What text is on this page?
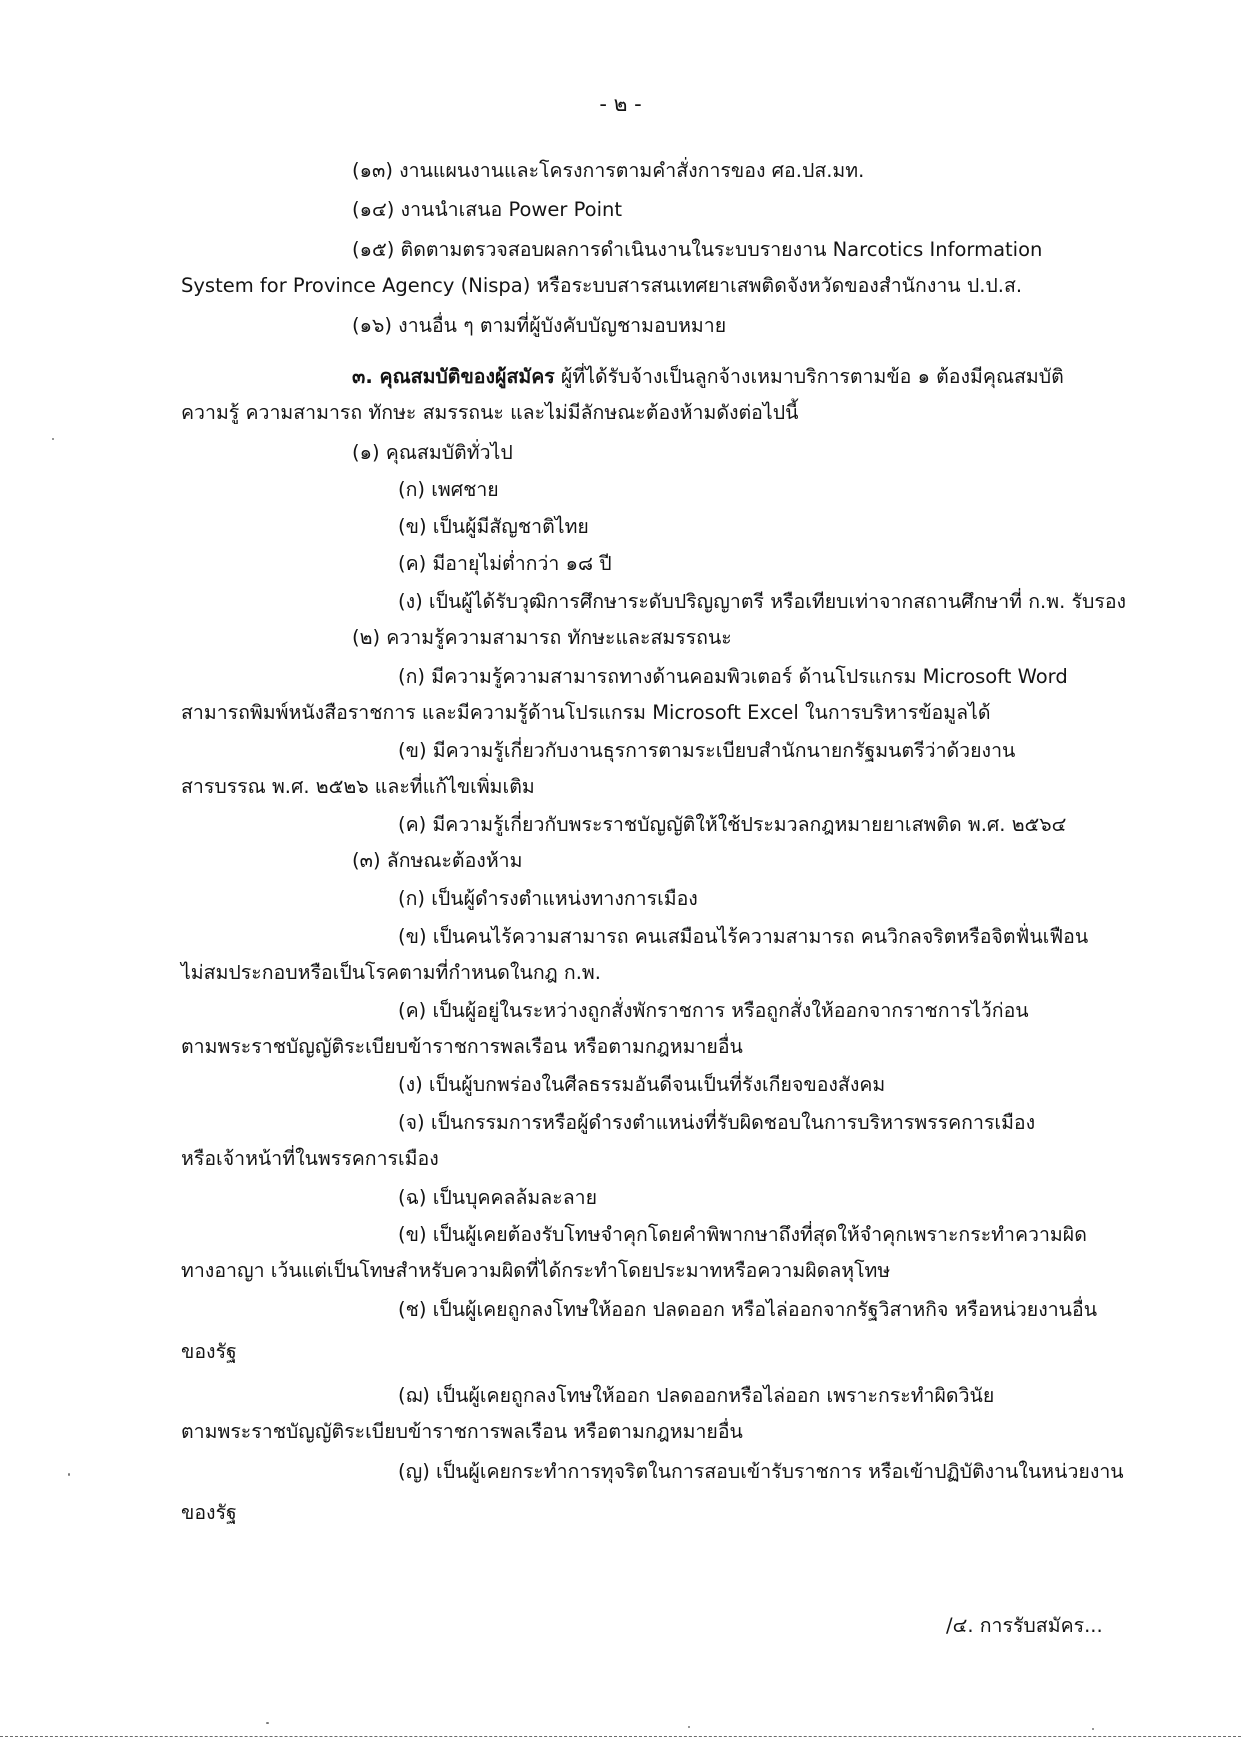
- ๒ -
(๑๓) งานแผนงานและโครงการตามคำสั่งการของ ศอ.ปส.มท.
(๑๔) งานนำเสนอ Power Point
(๑๕) ติดตามตรวจสอบผลการดำเนินงานในระบบรายงาน Narcotics Information
System for Province Agency (Nispa) หรือระบบสารสนเทศยาเสพติดจังหวัดของสำนักงาน ป.ป.ส.
(๑๖) งานอื่น ๆ ตามที่ผู้บังคับบัญชามอบหมาย
๓. คุณสมบัติของผู้สมัคร ผู้ที่ได้รับจ้างเป็นลูกจ้างเหมาบริการตามข้อ ๑ ต้องมีคุณสมบัติ
ความรู้ ความสามารถ ทักษะ สมรรถนะ และไม่มีลักษณะต้องห้ามดังต่อไปนี้
(๑) คุณสมบัติทั่วไป
(ก) เพศชาย
(ข) เป็นผู้มีสัญชาติไทย
(ค) มีอายุไม่ต่ำกว่า ๑๘ ปี
(ง) เป็นผู้ได้รับวุฒิการศึกษาระดับปริญญาตรี หรือเทียบเท่าจากสถานศึกษาที่ ก.พ. รับรอง
(๒) ความรู้ความสามารถ ทักษะและสมรรถนะ
(ก) มีความรู้ความสามารถทางด้านคอมพิวเตอร์ ด้านโปรแกรม Microsoft Word
สามารถพิมพ์หนังสือราชการ และมีความรู้ด้านโปรแกรม Microsoft Excel ในการบริหารข้อมูลได้
(ข) มีความรู้เกี่ยวกับงานธุรการตามระเบียบสำนักนายกรัฐมนตรีว่าด้วยงาน
สารบรรณ พ.ศ. ๒๕๒๖ และที่แก้ไขเพิ่มเติม
(ค) มีความรู้เกี่ยวกับพระราชบัญญัติให้ใช้ประมวลกฎหมายยาเสพติด พ.ศ. ๒๕๖๔
(๓) ลักษณะต้องห้าม
(ก) เป็นผู้ดำรงตำแหน่งทางการเมือง
(ข) เป็นคนไร้ความสามารถ คนเสมือนไร้ความสามารถ คนวิกลจริตหรือจิตฟั่นเฟือน
ไม่สมประกอบหรือเป็นโรคตามที่กำหนดในกฎ ก.พ.
(ค) เป็นผู้อยู่ในระหว่างถูกสั่งพักราชการ หรือถูกสั่งให้ออกจากราชการไว้ก่อน
ตามพระราชบัญญัติระเบียบข้าราชการพลเรือน หรือตามกฎหมายอื่น
(ง) เป็นผู้บกพร่องในศีลธรรมอันดีจนเป็นที่รังเกียจของสังคม
(จ) เป็นกรรมการหรือผู้ดำรงตำแหน่งที่รับผิดชอบในการบริหารพรรคการเมือง
หรือเจ้าหน้าที่ในพรรคการเมือง
(ฉ) เป็นบุคคลล้มละลาย
(ข) เป็นผู้เคยต้องรับโทษจำคุกโดยคำพิพากษาถึงที่สุดให้จำคุกเพราะกระทำความผิด
ทางอาญา เว้นแต่เป็นโทษสำหรับความผิดที่ได้กระทำโดยประมาทหรือความผิดลหุโทษ
(ช) เป็นผู้เคยถูกลงโทษให้ออก ปลดออก หรือไล่ออกจากรัฐวิสาหกิจ หรือหน่วยงานอื่น
ของรัฐ
(ฌ) เป็นผู้เคยถูกลงโทษให้ออก ปลดออกหรือไล่ออก เพราะกระทำผิดวินัย
ตามพระราชบัญญัติระเบียบข้าราชการพลเรือน หรือตามกฎหมายอื่น
(ญ) เป็นผู้เคยกระทำการทุจริตในการสอบเข้ารับราชการ หรือเข้าปฏิบัติงานในหน่วยงาน
ของรัฐ
/๔. การรับสมัคร...
